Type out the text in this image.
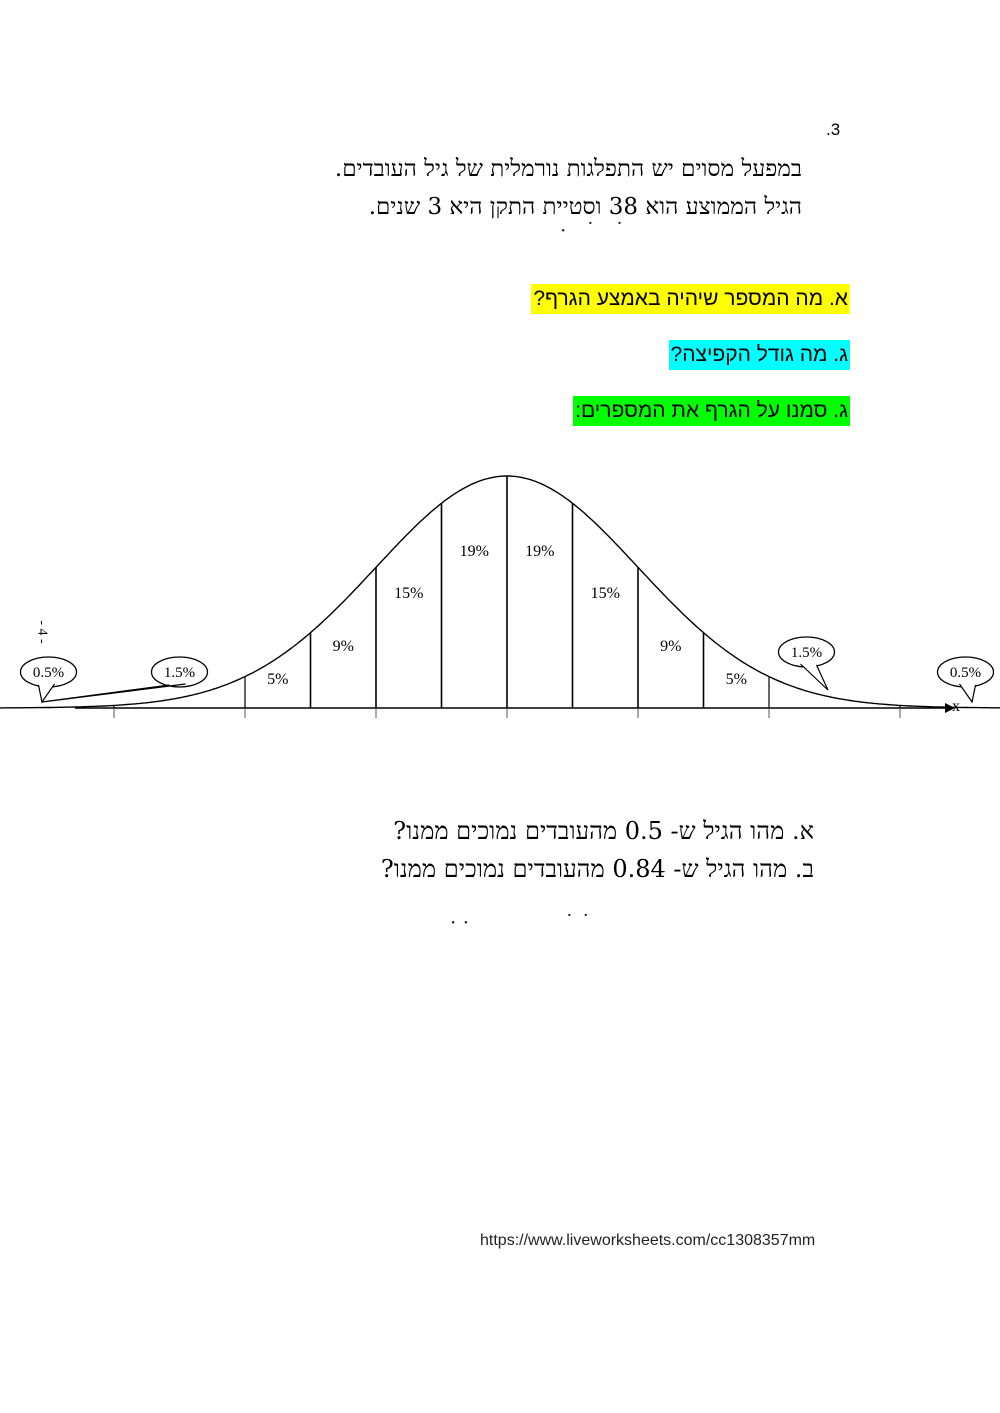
.3
במפעל מסוים יש התפלגות נורמלית של גיל העובדים.
הגיל הממוצע הוא 38 וסטיית התקן היא 3 שנים.
·   ˙   ˙
א. מה המספר שיהיה באמצע הגרף?
ג. מה גודל הקפיצה?
ג. סמנו על הגרף את המספרים:
- 4 -
x
0.5%	1.5%	5%
9%
15%
19% 19%
15%
9%
5%
1.5%
0.5%
א. מהו הגיל ש- 0.5 מהעובדים נמוכים ממנו?
ב. מהו הגיל ש- 0.84 מהעובדים נמוכים ממנו?
· ·               ˙ ˙
https://www.liveworksheets.com/cc1308357mm
